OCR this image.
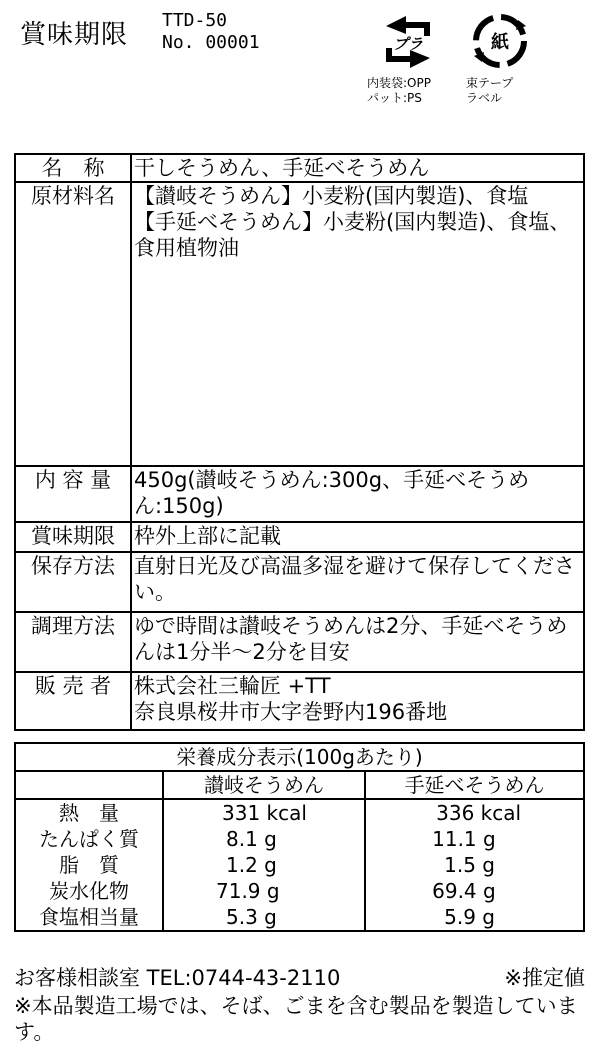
賞味期限 TTD-50
No. 00001	プラ
内装袋:OPP
パット:PS
紙
束テープ
ラベル
名　称	干しそうめん、手延べそうめん
原材料名	【讃岐そうめん】小麦粉(国内製造)、食塩
【手延べそうめん】小麦粉(国内製造)、食塩、食用植物油
内 容 量	450g(讃岐そうめん:300g、手延べそうめん:150g)
賞味期限	枠外上部に記載
保存方法	直射日光及び高温多湿を避けて保存してください。
調理方法	ゆで時間は讃岐そうめんは2分、手延べそうめんは1分半～2分を目安
販 売 者	株式会社三輪匠 +TT
奈良県桜井市大字巻野内196番地
栄養成分表示(100gあたり)		
	讃岐そうめん	手延べそうめん
熱　量	331 kcal	336 kcal
たんぱく質	8.1 g	11.1 g
脂　質	1.2 g	1.5 g
炭水化物	71.9 g	69.4 g
食塩相当量	5.3 g	5.9 g
お客様相談室 TEL:0744-43-2110	※推定値
※本品製造工場では、そば、ごまを含む製品を製造しています。
